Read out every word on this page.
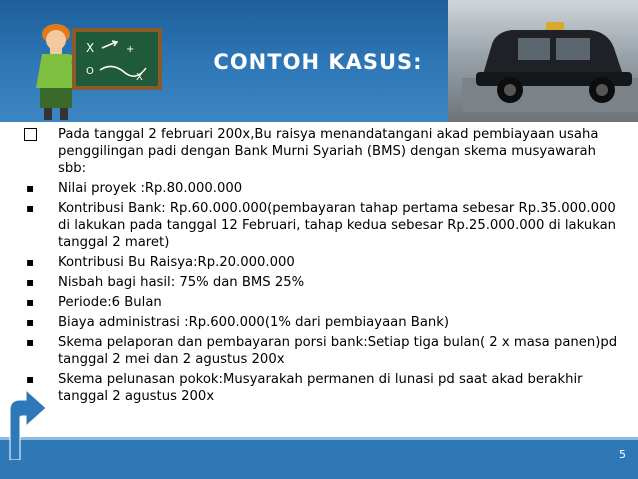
X	+
O
X
CONTOH KASUS:
Pada tanggal 2 februari 200x,Bu raisya menandatangani akad pembiayaan usaha penggilingan padi dengan Bank Murni Syariah (BMS) dengan skema musyawarah sbb:
▪ Nilai proyek :Rp.80.000.000
▪ Kontribusi Bank: Rp.60.000.000(pembayaran tahap pertama sebesar Rp.35.000.000 di lakukan pada tanggal 12 Februari, tahap kedua sebesar Rp.25.000.000 di lakukan tanggal 2 maret)
▪ Kontribusi Bu Raisya:Rp.20.000.000
▪ Nisbah bagi hasil: 75% dan BMS 25%
▪ Periode:6 Bulan
▪ Biaya administrasi :Rp.600.000(1% dari pembiayaan Bank)
▪ Skema pelaporan dan pembayaran porsi bank:Setiap tiga bulan( 2 x masa panen)pd tanggal 2 mei dan 2 agustus 200x
▪ Skema pelunasan pokok:Musyarakah permanen di lunasi pd saat akad berakhir tanggal 2 agustus 200x
5
